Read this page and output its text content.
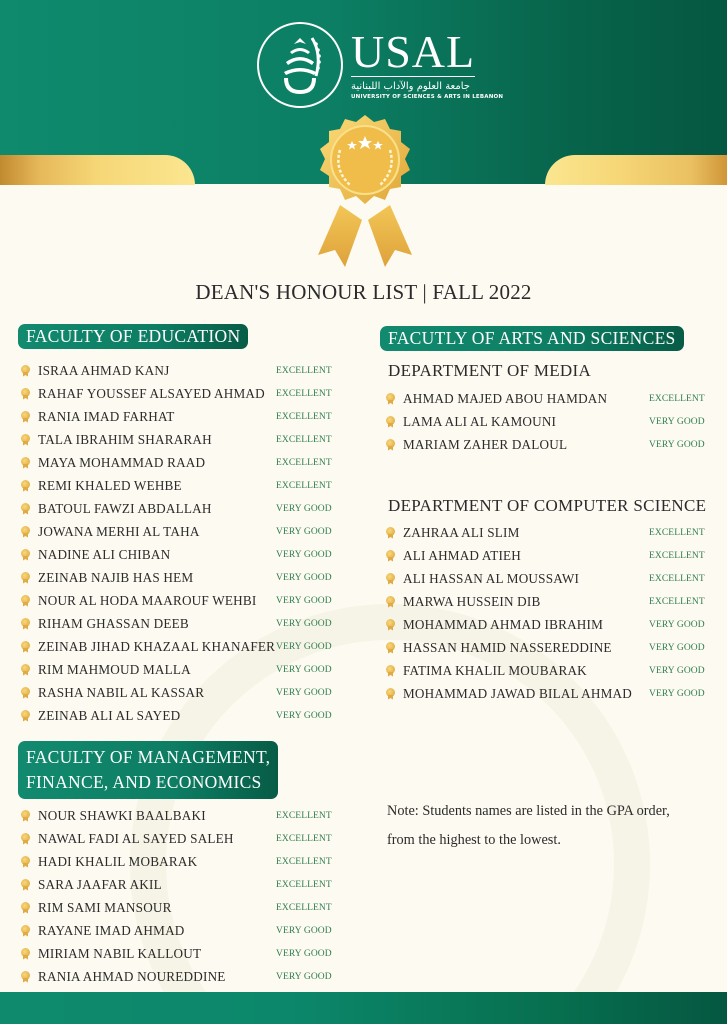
USAL
جامعة العلوم والآداب اللبنانية
UNIVERSITY OF SCIENCES & ARTS IN LEBANON
DEAN'S HONOUR LIST | FALL 2022
FACULTY OF EDUCATION
ISRAA AHMAD KANJ	EXCELLENT
RAHAF YOUSSEF ALSAYED AHMAD EXCELLENT
RANIA IMAD FARHAT	EXCELLENT
TALA IBRAHIM SHARARAH	EXCELLENT
MAYA MOHAMMAD RAAD	EXCELLENT
REMI KHALED WEHBE	EXCELLENT
BATOUL FAWZI ABDALLAH	VERY GOOD
JOWANA MERHI AL TAHA	VERY GOOD
NADINE ALI CHIBAN	VERY GOOD
ZEINAB NAJIB HAS HEM	VERY GOOD
NOUR AL HODA MAAROUF WEHBI VERY GOOD
RIHAM GHASSAN DEEB	VERY GOOD
ZEINAB JIHAD KHAZAAL KHANAFER VERY GOOD
RIM MAHMOUD MALLA	VERY GOOD
RASHA NABIL AL KASSAR	VERY GOOD
ZEINAB ALI AL SAYED	VERY GOOD
FACULTY OF MANAGEMENT,
FINANCE, AND ECONOMICS
NOUR SHAWKI BAALBAKI	EXCELLENT
NAWAL FADI AL SAYED SALEH	EXCELLENT
HADI KHALIL MOBARAK	EXCELLENT
SARA JAAFAR AKIL	EXCELLENT
RIM SAMI MANSOUR	EXCELLENT
RAYANE IMAD AHMAD	VERY GOOD
MIRIAM NABIL KALLOUT	VERY GOOD
RANIA AHMAD NOUREDDINE	VERY GOOD
FACUTLY OF ARTS AND SCIENCES
DEPARTMENT OF MEDIA
AHMAD MAJED ABOU HAMDAN	EXCELLENT
LAMA ALI AL KAMOUNI	VERY GOOD
MARIAM ZAHER DALOUL	VERY GOOD
DEPARTMENT OF COMPUTER SCIENCE
ZAHRAA ALI SLIM	EXCELLENT
ALI AHMAD ATIEH	EXCELLENT
ALI HASSAN AL MOUSSAWI	EXCELLENT
MARWA HUSSEIN DIB	EXCELLENT
MOHAMMAD AHMAD IBRAHIM	VERY GOOD
HASSAN HAMID NASSEREDDINE	VERY GOOD
FATIMA KHALIL MOUBARAK	VERY GOOD
MOHAMMAD JAWAD BILAL AHMAD VERY GOOD
Note: Students names are listed in the GPA order,
from the highest to the lowest.
